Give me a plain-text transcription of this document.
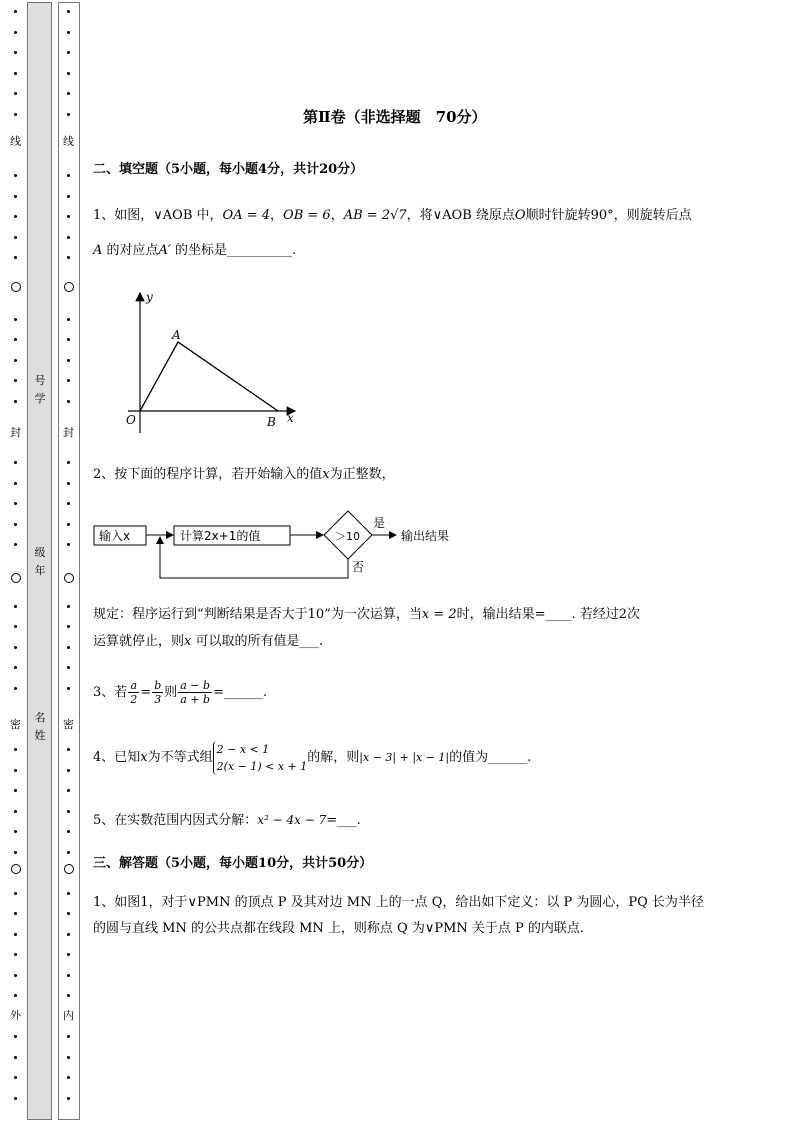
线
封
密
外
线
封
密
内
号学
级年
名姓
第Ⅱ卷（非选择题　70分）
二、填空题（5小题，每小题4分，共计20分）
1、如图，∨AOB 中，OA = 4，OB = 6，AB = 2√7，将∨AOB 绕原点O顺时针旋转90°，则旋转后点
A 的对应点A′ 的坐标是__________.
y
x
A
O	B
2、按下面的程序计算，若开始输入的值x为正整数，
输入x	计算2x+1的值	＞10
是
否
输出结果
规定：程序运行到“判断结果是否大于10”为一次运算，当x = 2时，输出结果=____. 若经过2次
运算就停止，则x 可以取的所有值是___.
3、若 $\frac{a}{2} = \frac{b}{3}$ 则 $\frac{a - b}{a + b}$ =______.
4、已知x为不等式组
2 − x < 1
2(x − 1) < x + 1
的解，则|x − 3| + |x − 1|的值为______.
5、在实数范围内因式分解：x² − 4x − 7=___.
三、解答题（5小题，每小题10分，共计50分）
1、如图1，对于∨PMN 的顶点 P 及其对边 MN 上的一点 Q，给出如下定义：以 P 为圆心，PQ 长为半径
的圆与直线 MN 的公共点都在线段 MN 上，则称点 Q 为∨PMN 关于点 P 的内联点．
